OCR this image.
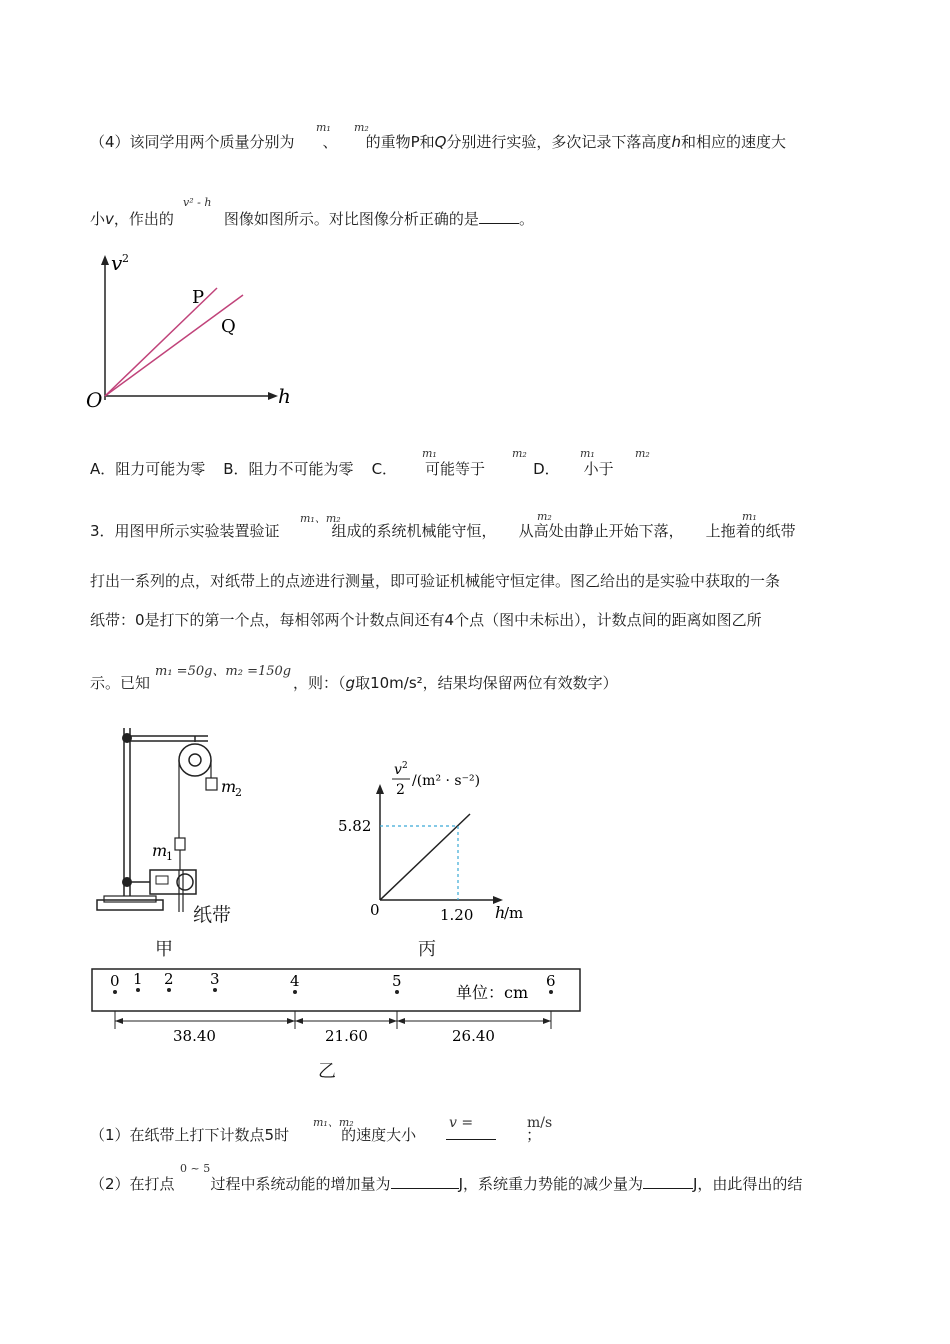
（4）该同学用两个质量分别为 、 的重物P和Q分别进行实验，多次记录下落高度h和相应的速度大
m₁ m₂
小v，作出的	图像如图所示。对比图像分析正确的是	。
v² - h
v 2
h
O
P
Q
A．阻力可能为零 B．阻力不可能为零 C． 可能等于	D． 小于
m₁	m₂	m₁	m₂
3．用图甲所示实验装置验证	组成的系统机械能守恒， 从高处由静止开始下落， 上拖着的纸带
m₁、m₂	m₂	m₁
打出一系列的点，对纸带上的点迹进行测量，即可验证机械能守恒定律。图乙给出的是实验中获取的一条
纸带：0是打下的第一个点，每相邻两个计数点间还有4个点（图中未标出），计数点间的距离如图乙所
示。已知	，则：（g取10m/s²，结果均保留两位有效数字）
m₁ =50g、m₂ =150g
m
2
m
1
纸带
甲
v 2
2
/(m² · s⁻²)
5.82
1.20
0	h
/m
丙
0 1 2 3	4	5	6
单位：cm
38.40	21.60	26.40
乙
（1）在纸带上打下计数点5时	的速度大小	；
m₁、m₂	v =	m/s
（2）在打点 过程中系统动能的增加量为	J，系统重力势能的减少量为	J，由此得出的结
0 ~ 5
